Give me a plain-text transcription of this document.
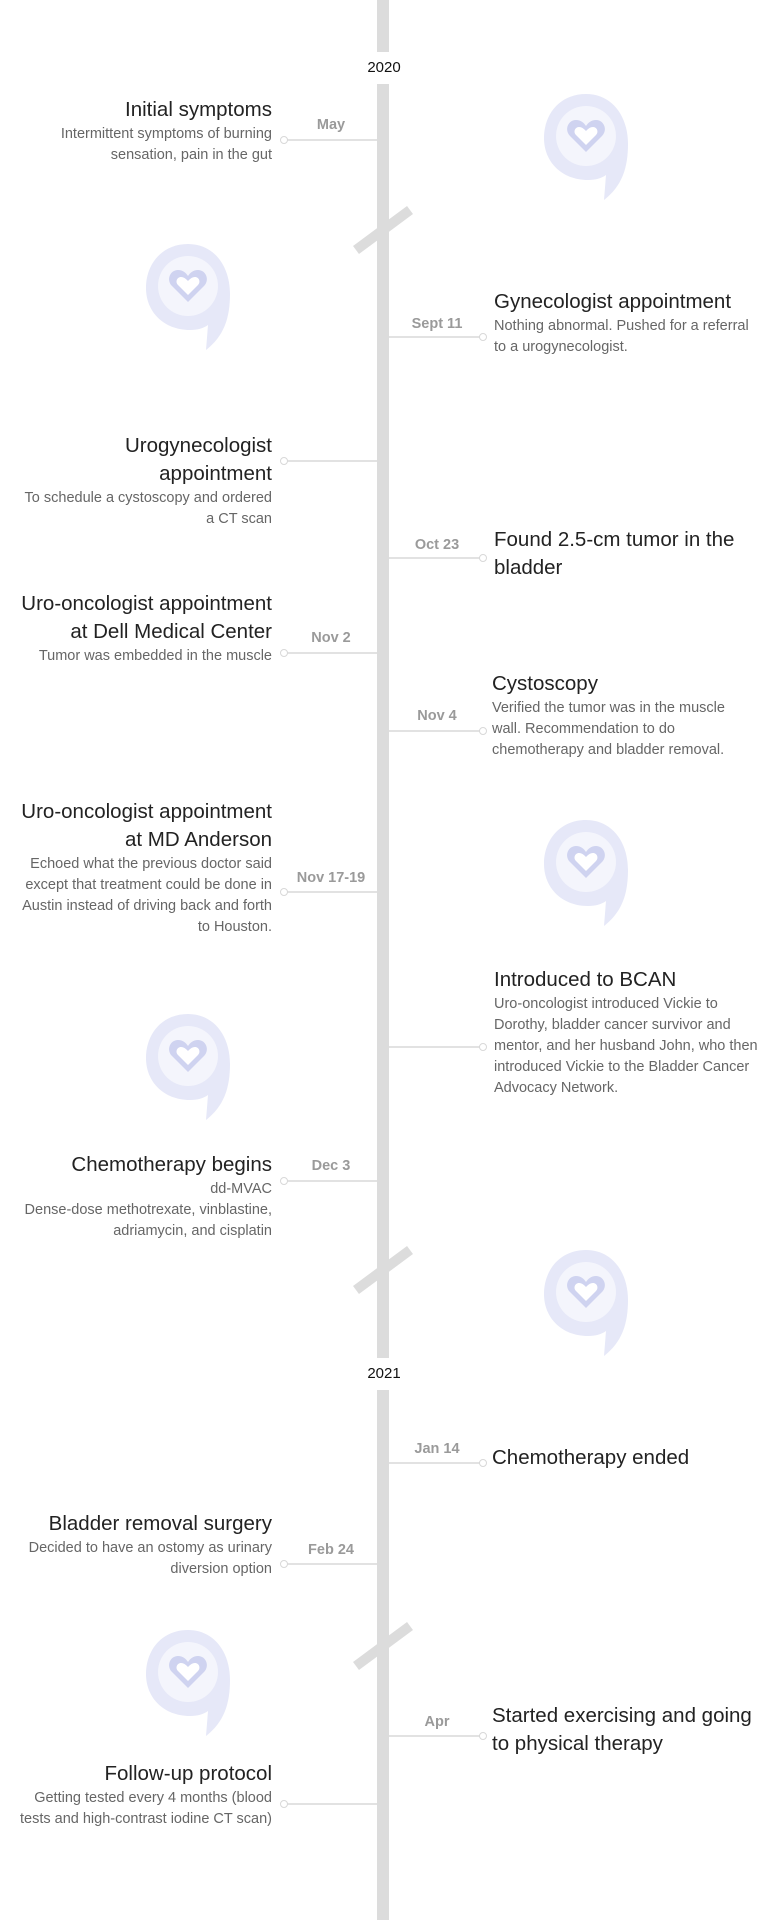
2020
2021
May
Initial symptoms
Intermittent symptoms of burning sensation, pain in the gut
Sept 11
Gynecologist appointment
Nothing abnormal. Pushed for a referral to a urogynecologist.
Urogynecologist appointment
To schedule a cystoscopy and ordered a CT scan
Oct 23	Found 2.5-cm tumor in the bladder
Nov 2
Uro-oncologist appointment at Dell Medical Center
Tumor was embedded in the muscle
Nov 4
Cystoscopy
Verified the tumor was in the muscle wall. Recommendation to do chemotherapy and bladder removal.
Nov 17-19
Uro-oncologist appointment at MD Anderson
Echoed what the previous doctor said except that treatment could be done in Austin instead of driving back and forth to Houston.
Introduced to BCAN
Uro-oncologist introduced Vickie to Dorothy, bladder cancer survivor and mentor, and her husband John, who then introduced Vickie to the Bladder Cancer Advocacy Network.
Dec 3
Chemotherapy begins
dd-MVAC
Dense-dose methotrexate, vinblastine, adriamycin, and cisplatin
Jan 14	Chemotherapy ended
Feb 24
Bladder removal surgery
Decided to have an ostomy as urinary diversion option
Apr	Started exercising and going to physical therapy
Follow-up protocol
Getting tested every 4 months (blood tests and high-contrast iodine CT scan)
